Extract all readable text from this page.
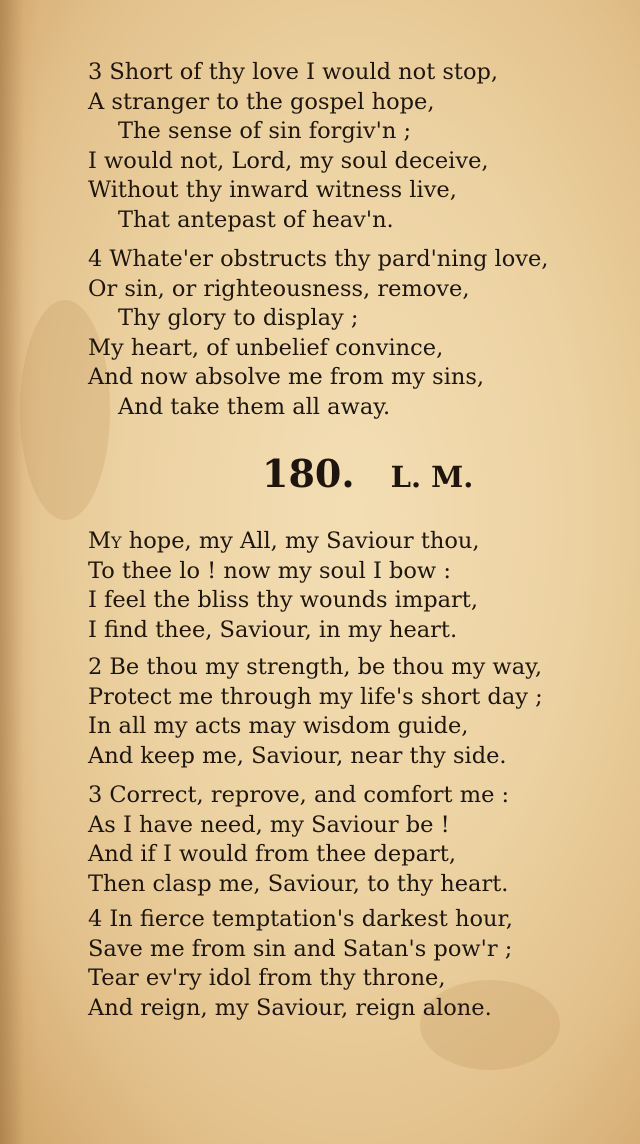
3 Short of thy love I would not stop,
A stranger to the gospel hope,
The sense of sin forgiv'n ;
I would not, Lord, my soul deceive,
Without thy inward witness live,
That antepast of heav'n.
4 Whate'er obstructs thy pard'ning love,
Or sin, or righteousness, remove,
Thy glory to display ;
My heart, of unbelief convince,
And now absolve me from my sins,
And take them all away.
180. L. M.
My hope, my All, my Saviour thou,
To thee lo ! now my soul I bow :
I feel the bliss thy wounds impart,
I find thee, Saviour, in my heart.
2 Be thou my strength, be thou my way,
Protect me through my life's short day ;
In all my acts may wisdom guide,
And keep me, Saviour, near thy side.
3 Correct, reprove, and comfort me :
As I have need, my Saviour be !
And if I would from thee depart,
Then clasp me, Saviour, to thy heart.
4 In fierce temptation's darkest hour,
Save me from sin and Satan's pow'r ;
Tear ev'ry idol from thy throne,
And reign, my Saviour, reign alone.
